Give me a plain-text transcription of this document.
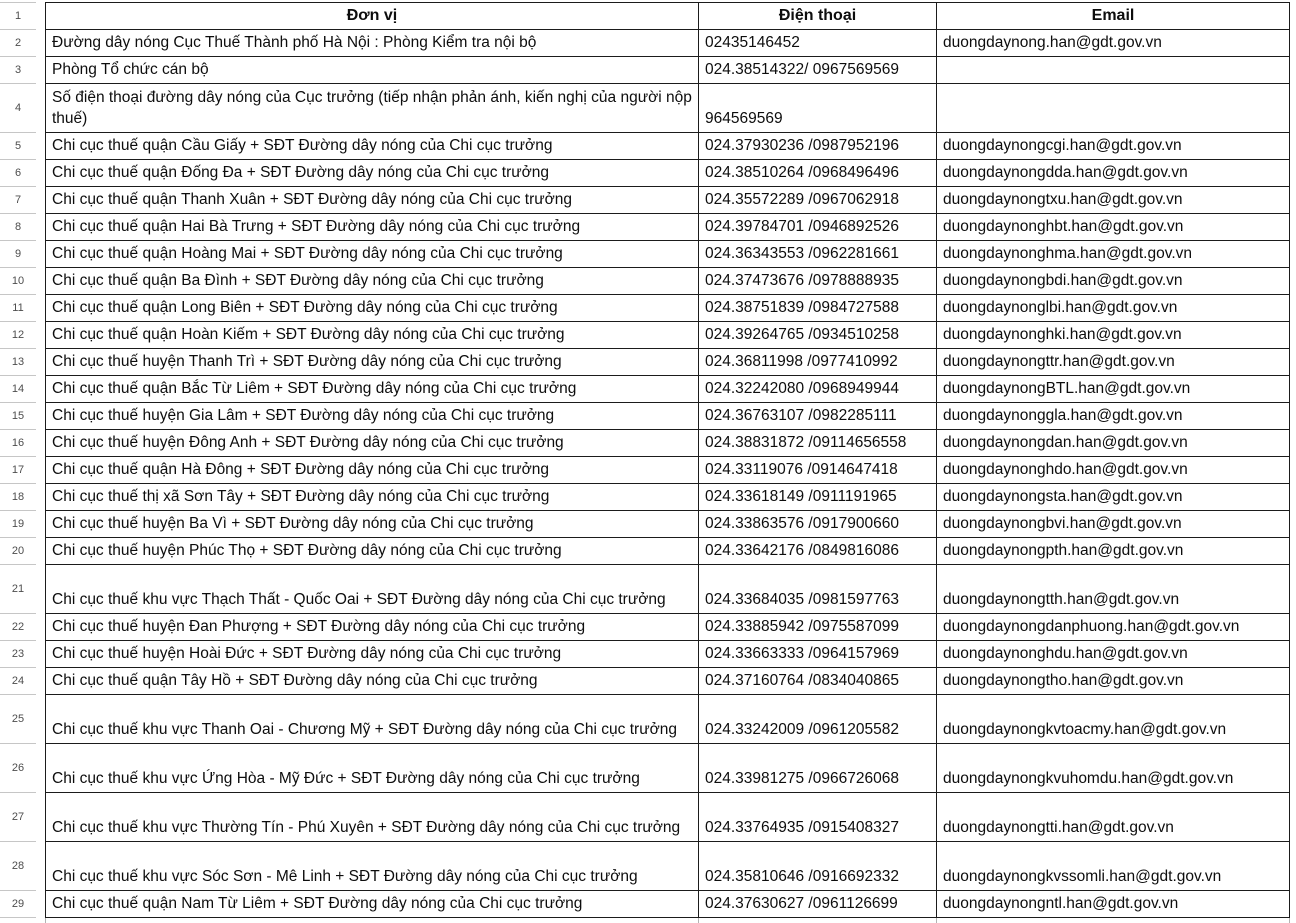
1
2
3
4
5
6
7
8
9
10
11
12
13
14
15
16
17
18
19
20
21
22
23
24
25
26
27
28
29
Đơn vị	Điện thoại	Email
Đường dây nóng Cục Thuế Thành phố Hà Nội : Phòng Kiểm tra nội bộ	02435146452	duongdaynong.han@gdt.gov.vn
Phòng Tổ chức cán bộ	024.38514322/ 0967569569
Số điện thoại đường dây nóng của Cục trưởng (tiếp nhận phản ánh, kiến nghị của người nộp thuế)	964569569
Chi cục thuế quận Cầu Giấy + SĐT Đường dây nóng của Chi cục trưởng	024.37930236 /0987952196	duongdaynongcgi.han@gdt.gov.vn
Chi cục thuế quận Đống Đa + SĐT Đường dây nóng của Chi cục trưởng	024.38510264 /0968496496	duongdaynongdda.han@gdt.gov.vn
Chi cục thuế quận Thanh Xuân + SĐT Đường dây nóng của Chi cục trưởng	024.35572289 /0967062918	duongdaynongtxu.han@gdt.gov.vn
Chi cục thuế quận Hai Bà Trưng + SĐT Đường dây nóng của Chi cục trưởng	024.39784701 /0946892526	duongdaynonghbt.han@gdt.gov.vn
Chi cục thuế quận Hoàng Mai + SĐT Đường dây nóng của Chi cục trưởng	024.36343553 /0962281661	duongdaynonghma.han@gdt.gov.vn
Chi cục thuế quận Ba Đình + SĐT Đường dây nóng của Chi cục trưởng	024.37473676 /0978888935	duongdaynongbdi.han@gdt.gov.vn
Chi cục thuế quận Long Biên + SĐT Đường dây nóng của Chi cục trưởng	024.38751839 /0984727588	duongdaynonglbi.han@gdt.gov.vn
Chi cục thuế quận Hoàn Kiếm + SĐT Đường dây nóng của Chi cục trưởng	024.39264765 /0934510258	duongdaynonghki.han@gdt.gov.vn
Chi cục thuế huyện Thanh Trì + SĐT Đường dây nóng của Chi cục trưởng	024.36811998 /0977410992	duongdaynongttr.han@gdt.gov.vn
Chi cục thuế quận Bắc Từ Liêm + SĐT Đường dây nóng của Chi cục trưởng	024.32242080 /0968949944	duongdaynongBTL.han@gdt.gov.vn
Chi cục thuế huyện Gia Lâm + SĐT Đường dây nóng của Chi cục trưởng	024.36763107 /0982285111	duongdaynonggla.han@gdt.gov.vn
Chi cục thuế huyện Đông Anh + SĐT Đường dây nóng của Chi cục trưởng	024.38831872 /09114656558 duongdaynongdan.han@gdt.gov.vn
Chi cục thuế quận Hà Đông + SĐT Đường dây nóng của Chi cục trưởng	024.33119076 /0914647418	duongdaynonghdo.han@gdt.gov.vn
Chi cục thuế thị xã Sơn Tây + SĐT Đường dây nóng của Chi cục trưởng	024.33618149 /0911191965	duongdaynongsta.han@gdt.gov.vn
Chi cục thuế huyện Ba Vì + SĐT Đường dây nóng của Chi cục trưởng	024.33863576 /0917900660	duongdaynongbvi.han@gdt.gov.vn
Chi cục thuế huyện Phúc Thọ + SĐT Đường dây nóng của Chi cục trưởng	024.33642176 /0849816086	duongdaynongpth.han@gdt.gov.vn
Chi cục thuế khu vực Thạch Thất - Quốc Oai + SĐT Đường dây nóng của Chi cục trưởng	024.33684035 /0981597763	duongdaynongtth.han@gdt.gov.vn
Chi cục thuế huyện Đan Phượng + SĐT Đường dây nóng của Chi cục trưởng	024.33885942 /0975587099	duongdaynongdanphuong.han@gdt.gov.vn
Chi cục thuế huyện Hoài Đức + SĐT Đường dây nóng của Chi cục trưởng	024.33663333 /0964157969	duongdaynonghdu.han@gdt.gov.vn
Chi cục thuế quận Tây Hồ + SĐT Đường dây nóng của Chi cục trưởng	024.37160764 /0834040865	duongdaynongtho.han@gdt.gov.vn
Chi cục thuế khu vực Thanh Oai - Chương Mỹ + SĐT Đường dây nóng của Chi cục trưởng 024.33242009 /0961205582	duongdaynongkvtoacmy.han@gdt.gov.vn
Chi cục thuế khu vực Ứng Hòa - Mỹ Đức + SĐT Đường dây nóng của Chi cục trưởng	024.33981275 /0966726068	duongdaynongkvuhomdu.han@gdt.gov.vn
Chi cục thuế khu vực Thường Tín - Phú Xuyên + SĐT Đường dây nóng của Chi cục trưởng 024.33764935 /0915408327	duongdaynongtti.han@gdt.gov.vn
Chi cục thuế khu vực Sóc Sơn - Mê Linh + SĐT Đường dây nóng của Chi cục trưởng	024.35810646 /0916692332	duongdaynongkvssomli.han@gdt.gov.vn
Chi cục thuế quận Nam Từ Liêm + SĐT Đường dây nóng của Chi cục trưởng	024.37630627 /0961126699	duongdaynongntl.han@gdt.gov.vn
